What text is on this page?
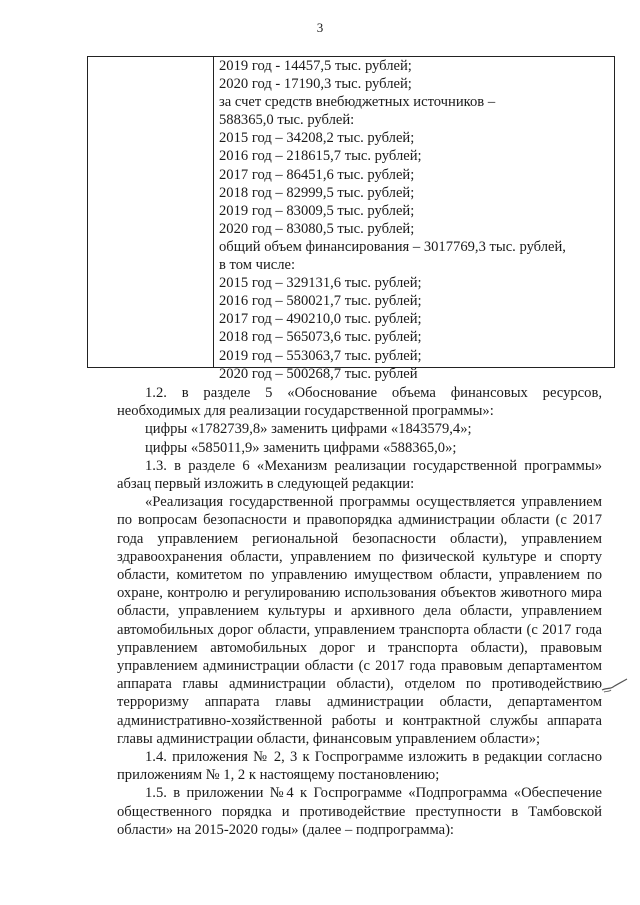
3
2019 год - 14457,5 тыс. рублей;
2020 год - 17190,3 тыс. рублей;
за счет средств внебюджетных источников –
588365,0 тыс. рублей:
2015 год – 34208,2 тыс. рублей;
2016 год – 218615,7 тыс. рублей;
2017 год – 86451,6 тыс. рублей;
2018 год – 82999,5 тыс. рублей;
2019 год – 83009,5 тыс. рублей;
2020 год – 83080,5 тыс. рублей;
общий объем финансирования – 3017769,3 тыс. рублей,
в том числе:
2015 год – 329131,6 тыс. рублей;
2016 год – 580021,7 тыс. рублей;
2017 год – 490210,0 тыс. рублей;
2018 год – 565073,6 тыс. рублей;
2019 год – 553063,7 тыс. рублей;
2020 год – 500268,7 тыс. рублей

1.2. в разделе 5 «Обоснование объема финансовых ресурсов, необходимых для реализации государственной программы»:

цифры «1782739,8» заменить цифрами «1843579,4»;

цифры «585011,9» заменить цифрами «588365,0»;

1.3. в разделе 6 «Механизм реализации государственной программы» абзац первый изложить в следующей редакции:

«Реализация государственной программы осуществляется управлением по вопросам безопасности и правопорядка администрации области (с 2017 года управлением региональной безопасности области), управлением здравоохранения области, управлением по физической культуре и спорту области, комитетом по управлению имуществом области, управлением по охране, контролю и регулированию использования объектов животного мира области, управлением культуры и архивного дела области, управлением автомобильных дорог области, управлением транспорта области (с 2017 года управлением автомобильных дорог и транспорта области), правовым управлением администрации области (с 2017 года правовым департаментом аппарата главы администрации области), отделом по противодействию терроризму аппарата главы администрации области, департаментом административно-хозяйственной работы и контрактной службы аппарата главы администрации области, финансовым управлением области»;

1.4. приложения № 2, 3 к Госпрограмме изложить в редакции согласно приложениям № 1, 2 к настоящему постановлению;

1.5. в приложении №4 к Госпрограмме «Подпрограмма «Обеспечение общественного порядка и противодействие преступности в Тамбовской области» на 2015-2020 годы» (далее – подпрограмма):
